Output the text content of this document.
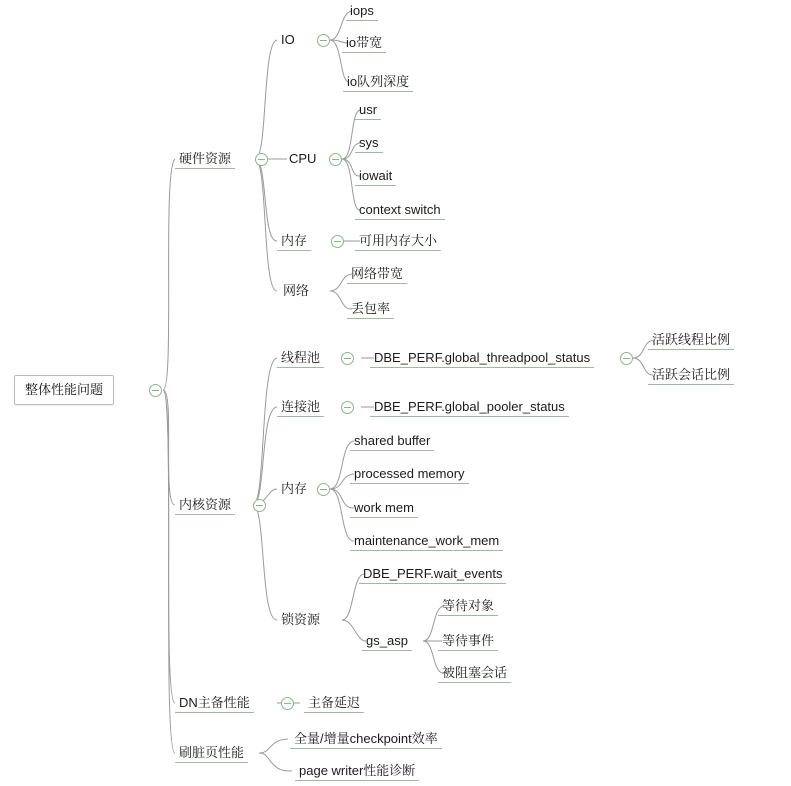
整体性能问题
硬件资源
IO
iops
io带宽
io队列深度
CPU
usr
sys
iowait
context switch
内存	可用内存大小
网络
网络带宽
丢包率
内核资源
线程池	DBE_PERF.global_threadpool_status
活跃线程比例
活跃会话比例
连接池	DBE_PERF.global_pooler_status
内存
shared buffer
processed memory
work mem
maintenance_work_mem
锁资源
DBE_PERF.wait_events
gs_asp
等待对象
等待事件
被阻塞会话
DN主备性能	主备延迟
刷脏页性能
全量/增量checkpoint效率
page writer性能诊断
